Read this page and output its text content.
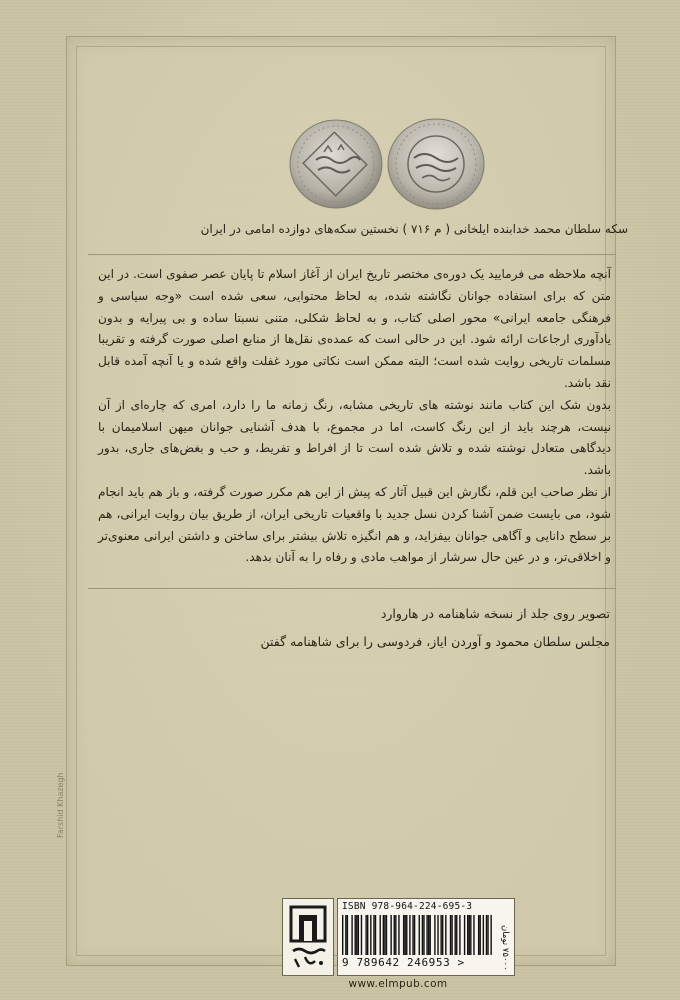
سکه سلطان محمد خدابنده ایلخانی ( م ۷۱۶ ) نخستین سکه‌های دوازده امامی در ایران

آنچه ملاحظه می فرمایید یک دوره‌ی مختصر تاریخ ایران از آغاز اسلام تا پایان عصر صفوی است. در این متن که برای استفاده جوانان نگاشته شده، به لحاظ محتوایی، سعی شده است «وجه سیاسی و فرهنگی جامعه ایرانی» محور اصلی کتاب، و به لحاظ شکلی، متنی نسبتا ساده و بی پیرایه و بدون یادآوری ارجاعات ارائه شود. این در حالی است که عمده‌ی نقل‌ها از منابع اصلی صورت گرفته و تقریبا مسلمات تاریخی روایت شده است؛ البته ممکن است نکاتی مورد غفلت واقع شده و یا آنچه آمده قابل نقد باشد.

بدون شک این کتاب مانند نوشته های تاریخی مشابه، رنگ زمانه ما را دارد، امری که چاره‌ای از آن نیست، هرچند باید از این رنگ کاست، اما در مجموع، با هدف آشنایی جوانان میهن اسلامیمان با دیدگاهی متعادل نوشته شده و تلاش شده است تا از افراط و تفریط، و حب و بغض‌های جاری، بدور باشد.

از نظر صاحب این قلم، نگارش این قبیل آثار که پیش از این هم مکرر صورت گرفته، و باز هم باید انجام شود، می بایست ضمن آشنا کردن نسل جدید با واقعیات تاریخی ایران، از طریق بیان روایت ایرانی، هم بر سطح دانایی و آگاهی جوانان بیفزاید، و هم انگیزه تلاش بیشتر برای ساختن و داشتن ایرانی معنوی‌تر و اخلاقی‌تر، و در عین حال سرشار از مواهب مادی و رفاه را به آنان بدهد.

تصویر روی جلد از نسخه شاهنامه در هاروارد
مجلس سلطان محمود و آوردن ایاز، فردوسی را برای شاهنامه گفتن
Farshid Khazegh
ISBN 978-964-224-695-3
9 789642 246953 >
۷۵۰۰۰ تومان
www.elmpub.com
